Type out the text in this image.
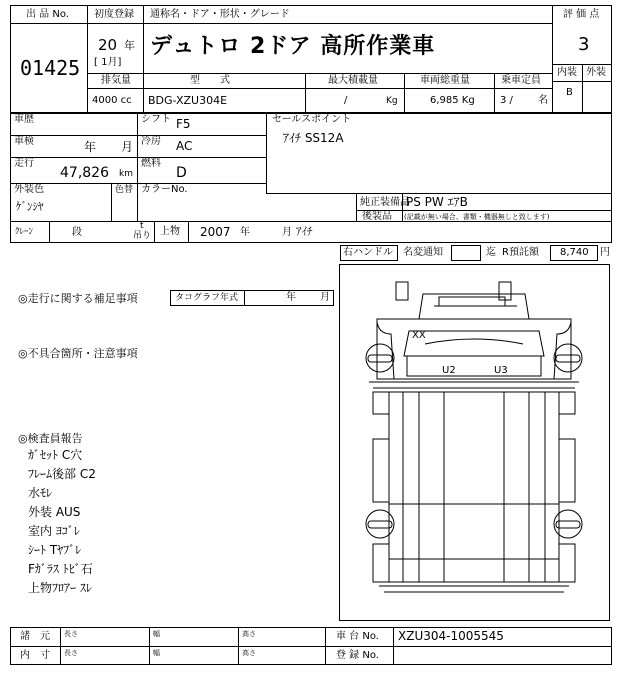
出 品 No.
01425
初度登録
20 年
[ 1月]
通称名・ドア・形状・グレード
デュトロ 2ドア 高所作業車
評 価 点
3
内装 外装
B
排気量
4000 cc
型　　式
BDG-XZU304E
最大積載量
/	Kg
車両総重量
6,985 Kg
乗車定員
3 /	名
車歴	シフト F5
車検	年 月 冷房 AC
走行
47,826 km
燃料
D
外装色
ｹﾞﾝｼﾔ
色替 カラーNo.
セールスポイント
ｱｲﾁ SS12A
純正装備品
PS PW ｴｱB
後装品 (記載が無い場合、書類・機器無しと致します)
ｸﾚｰﾝ	段
t
吊り 上物 2007 年	月 ｱｲﾁ
右ハンドル 名変通知	迄 R預託額 8,740 円
◎走行に関する補足事項	タコグラフ年式	年 月
◎不具合箇所・注意事項
◎検査員報告
ｶﾞｾｯﾄ C穴
ﾌﾚｰﾑ後部 C2
水ﾓﾚ
外装 AUS
室内 ﾖｺﾞﾚ
ｼｰﾄ Tﾔﾌﾞﾚ
Fｶﾞﾗｽ ﾄﾋﾞ石
上物ﾌﾛｱｰ ｽﾚ
XX
U2	U3
諸　元
内　寸
長さ	幅	高さ
長さ	幅	高さ
車 台 No. XZU304-1005545
登 録 No.
